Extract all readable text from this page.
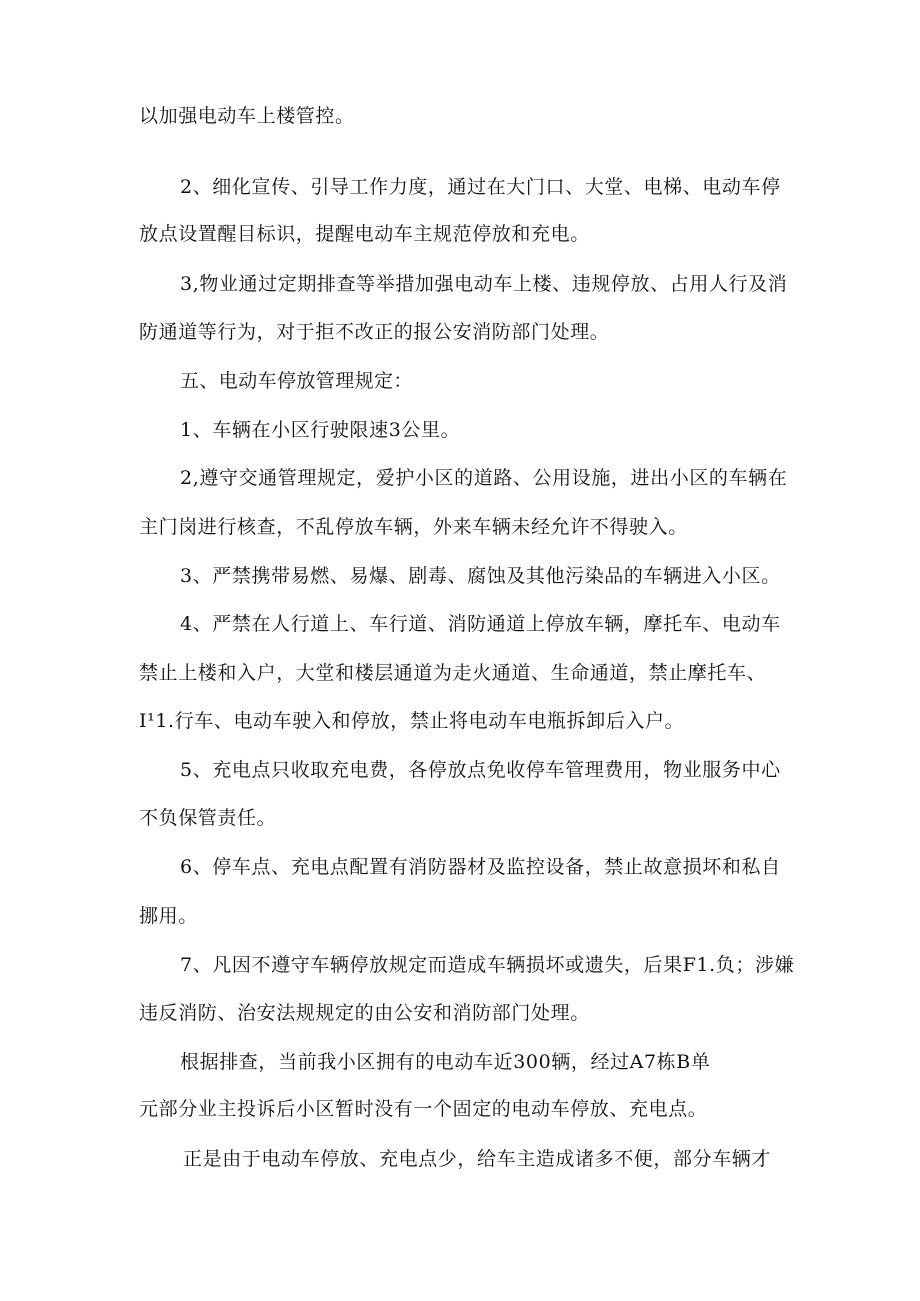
以加强电动车上楼管控。
2、细化宣传、引导工作力度，通过在大门口、大堂、电梯、电动车停
放点设置醒目标识，提醒电动车主规范停放和充电。
3,物业通过定期排查等举措加强电动车上楼、违规停放、占用人行及消
防通道等行为，对于拒不改正的报公安消防部门处理。
五、电动车停放管理规定：
1、车辆在小区行驶限速3公里。
2,遵守交通管理规定，爱护小区的道路、公用设施，进出小区的车辆在
主门岗进行核查，不乱停放车辆，外来车辆未经允许不得驶入。
3、严禁携带易燃、易爆、剧毒、腐蚀及其他污染品的车辆进入小区。
4、严禁在人行道上、车行道、消防通道上停放车辆，摩托车、电动车
禁止上楼和入户，大堂和楼层通道为走火通道、生命通道，禁止摩托车、
I¹1.行车、电动车驶入和停放，禁止将电动车电瓶拆卸后入户。
5、充电点只收取充电费，各停放点免收停车管理费用，物业服务中心
不负保管责任。
6、停车点、充电点配置有消防器材及监控设备，禁止故意损坏和私自
挪用。
7、凡因不遵守车辆停放规定而造成车辆损坏或遗失，后果F1.负；涉嫌
违反消防、治安法规规定的由公安和消防部门处理。
根据排查，当前我小区拥有的电动车近300辆，经过A7栋B单
元部分业主投诉后小区暂时没有一个固定的电动车停放、充电点。
正是由于电动车停放、充电点少，给车主造成诸多不便，部分车辆才
